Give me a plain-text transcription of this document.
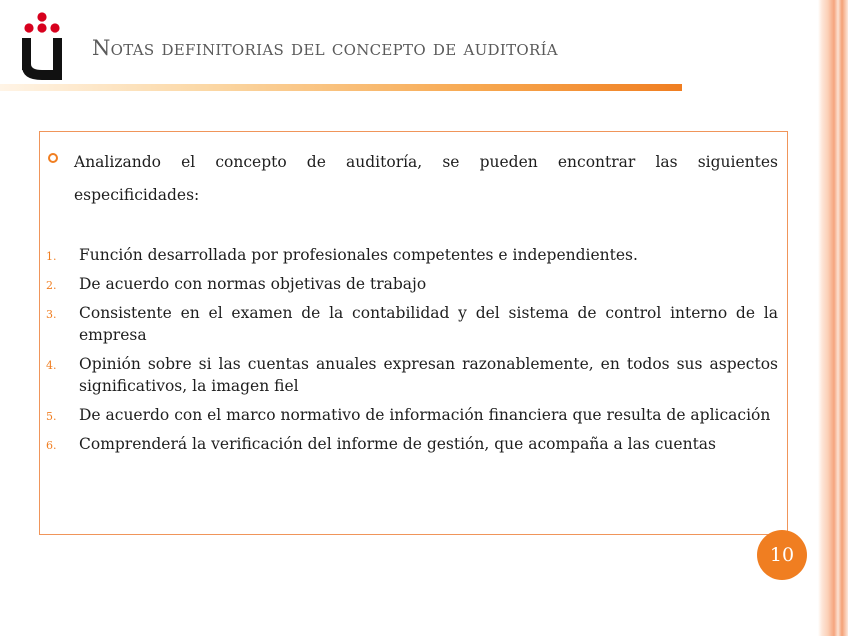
Notas definitorias del concepto de auditoría
Analizando el concepto de auditoría, se pueden encontrar las siguientes especificidades:
1. Función desarrollada por profesionales competentes e independientes.
2. De acuerdo con normas objetivas de trabajo
3. Consistente en el examen de la contabilidad y del sistema de control interno de la empresa
4. Opinión sobre si las cuentas anuales expresan razonablemente, en todos sus aspectos significativos, la imagen fiel
5. De acuerdo con el marco normativo de información financiera que resulta de aplicación
6. Comprenderá la verificación del informe de gestión, que acompaña a las cuentas
10
